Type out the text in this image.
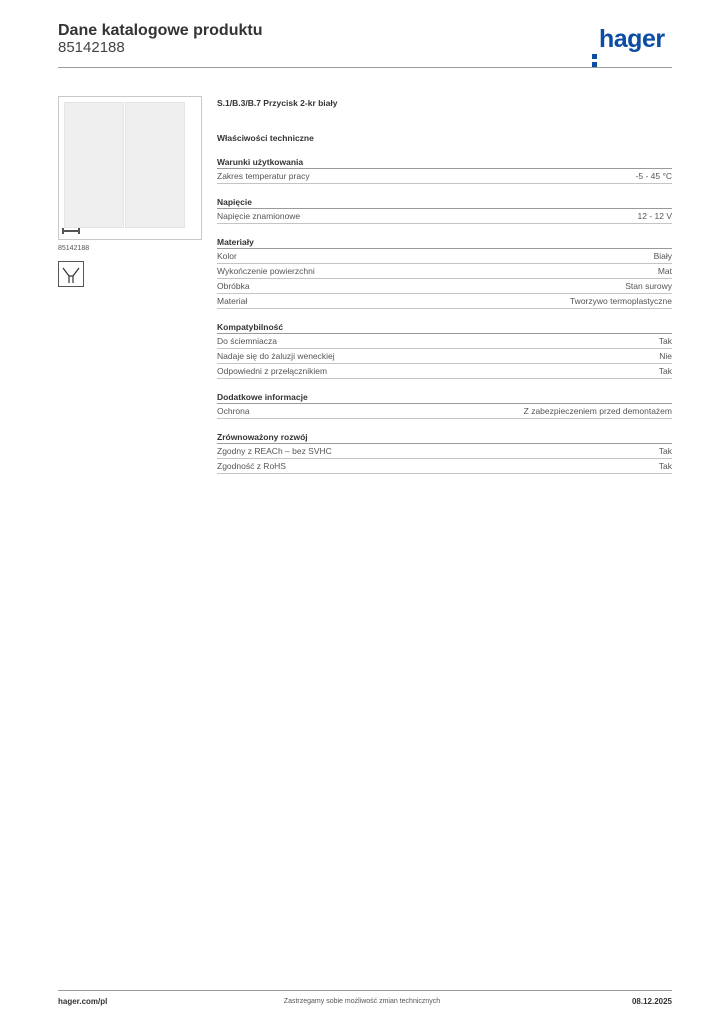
Dane katalogowe produktu
85142188	hager
85142188
S.1/B.3/B.7 Przycisk 2-kr biały
Właściwości techniczne
Warunki użytkowania
Zakres temperatur pracy	-5 - 45 °C
Napięcie
Napięcie znamionowe	12 - 12 V
Materiały
Kolor	Biały
Wykończenie powierzchni	Mat
Obróbka	Stan surowy
Materiał	Tworzywo termoplastyczne
Kompatybilność
Do ściemniacza	Tak
Nadaje się do żaluzji weneckiej	Nie
Odpowiedni z przełącznikiem	Tak
Dodatkowe informacje
Ochrona	Z zabezpieczeniem przed demontażem
Zrównoważony rozwój
Zgodny z REACh – bez SVHC	Tak
Zgodność z RoHS	Tak
hager.com/pl	Zastrzegamy sobie możliwość zmian technicznych	08.12.2025
